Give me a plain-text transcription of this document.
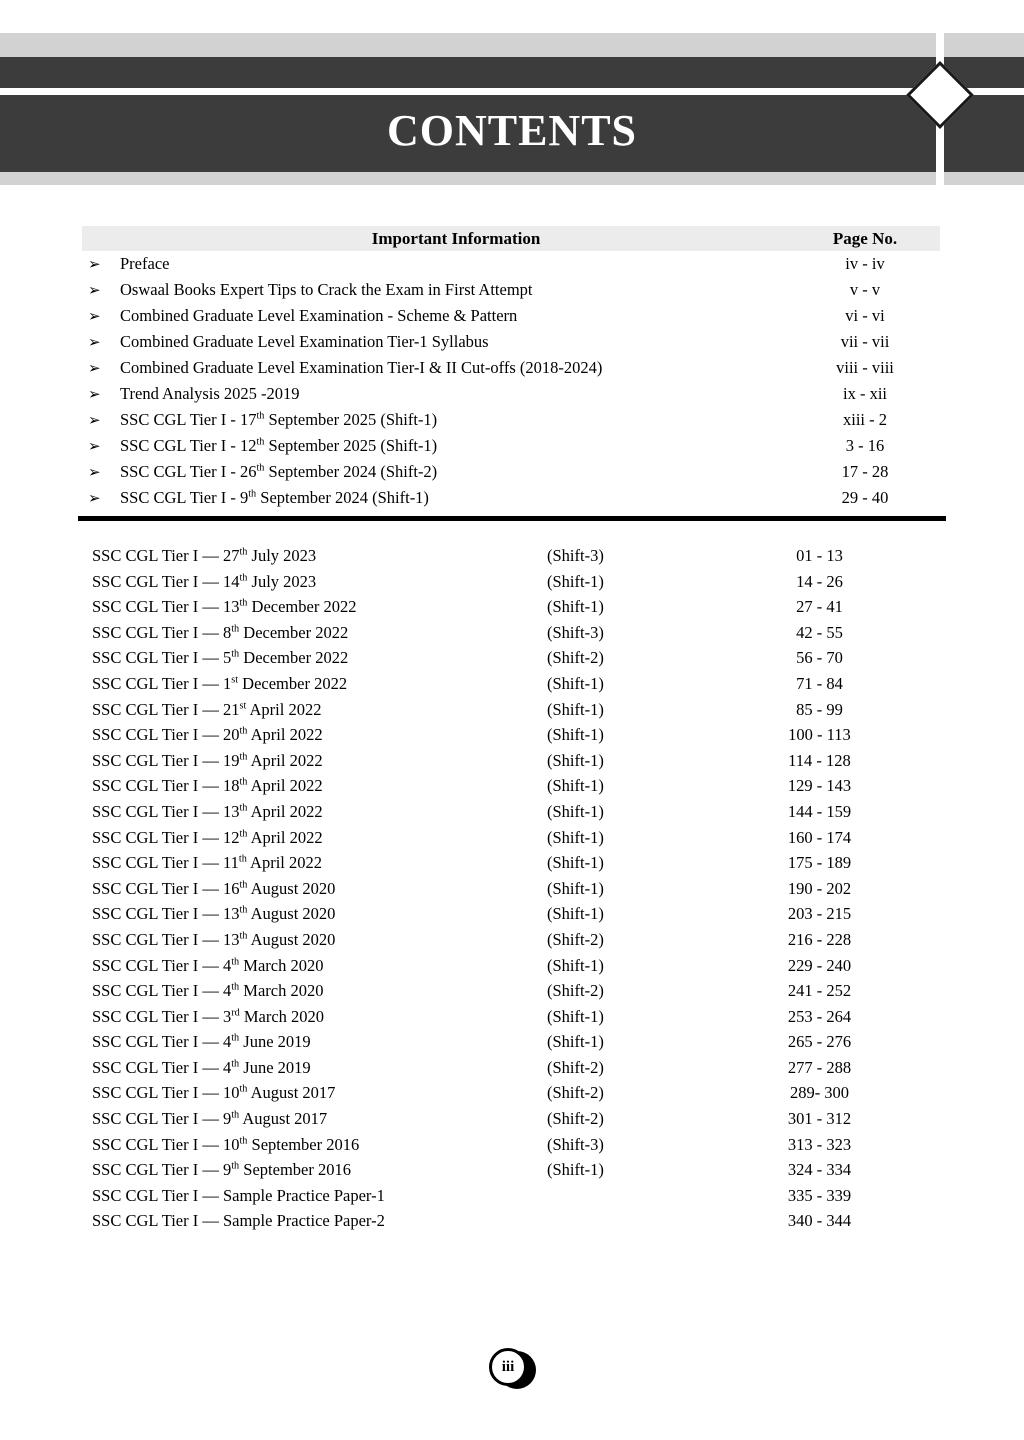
CONTENTS
Important Information	Page No.
➢	Preface	iv - iv
➢	Oswaal Books Expert Tips to Crack the Exam in First Attempt	v - v
➢	Combined Graduate Level Examination - Scheme & Pattern	vi - vi
➢	Combined Graduate Level Examination Tier-1 Syllabus	vii - vii
➢	Combined Graduate Level Examination Tier-I & II Cut-offs (2018-2024)	viii - viii
➢	Trend Analysis 2025 -2019	ix - xii
➢	SSC CGL Tier I - 17th September 2025 (Shift-1)	xiii - 2
➢	SSC CGL Tier I - 12th September 2025 (Shift-1)	3 - 16
➢	SSC CGL Tier I - 26th September 2024 (Shift-2)	17 - 28
➢	SSC CGL Tier I - 9th September 2024 (Shift-1)	29 - 40
SSC CGL Tier I — 27th July 2023	(Shift-3)	01 - 13
SSC CGL Tier I — 14th July 2023	(Shift-1)	14 - 26
SSC CGL Tier I — 13th December 2022	(Shift-1)	27 - 41
SSC CGL Tier I — 8th December 2022	(Shift-3)	42 - 55
SSC CGL Tier I — 5th December 2022	(Shift-2)	56 - 70
SSC CGL Tier I — 1st December 2022	(Shift-1)	71 - 84
SSC CGL Tier I — 21st April 2022	(Shift-1)	85 - 99
SSC CGL Tier I — 20th April 2022	(Shift-1)	100 - 113
SSC CGL Tier I — 19th April 2022	(Shift-1)	114 - 128
SSC CGL Tier I — 18th April 2022	(Shift-1)	129 - 143
SSC CGL Tier I — 13th April 2022	(Shift-1)	144 - 159
SSC CGL Tier I — 12th April 2022	(Shift-1)	160 - 174
SSC CGL Tier I — 11th April 2022	(Shift-1)	175 - 189
SSC CGL Tier I — 16th August 2020	(Shift-1)	190 - 202
SSC CGL Tier I — 13th August 2020	(Shift-1)	203 - 215
SSC CGL Tier I — 13th August 2020	(Shift-2)	216 - 228
SSC CGL Tier I — 4th March 2020	(Shift-1)	229 - 240
SSC CGL Tier I — 4th March 2020	(Shift-2)	241 - 252
SSC CGL Tier I — 3rd March 2020	(Shift-1)	253 - 264
SSC CGL Tier I — 4th June 2019	(Shift-1)	265 - 276
SSC CGL Tier I — 4th June 2019	(Shift-2)	277 - 288
SSC CGL Tier I — 10th August 2017	(Shift-2)	289- 300
SSC CGL Tier I — 9th August 2017	(Shift-2)	301 - 312
SSC CGL Tier I — 10th September 2016	(Shift-3)	313 - 323
SSC CGL Tier I — 9th September 2016	(Shift-1)	324 - 334
SSC CGL Tier I — Sample Practice Paper-1	335 - 339
SSC CGL Tier I — Sample Practice Paper-2	340 - 344
iii
